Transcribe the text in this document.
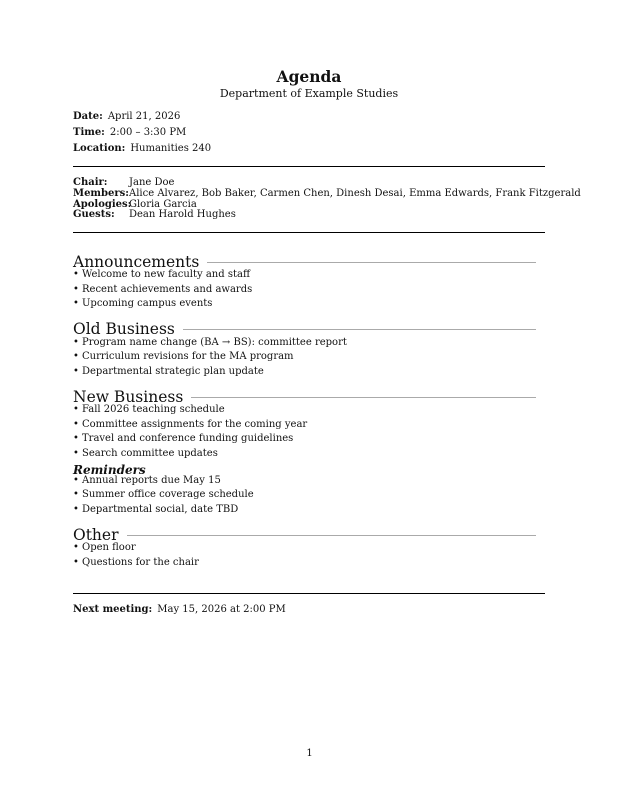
Agenda
Department of Example Studies
Date: April 21, 2026
Time: 2:00 – 3:30 PM
Location: Humanities 240
Chair: Jane Doe
Members: Alice Alvarez, Bob Baker, Carmen Chen, Dinesh Desai, Emma Edwards, Frank Fitzgerald
Apologies:
Gloria Garcia
Guests: Dean Harold Hughes
Announcements
• Welcome to new faculty and staff
• Recent achievements and awards
• Upcoming campus events
Old Business
• Program name change (BA → BS): committee report
• Curriculum revisions for the MA program
• Departmental strategic plan update
New Business
• Fall 2026 teaching schedule
• Committee assignments for the coming year
• Travel and conference funding guidelines
• Search committee updates
Reminders
• Annual reports due May 15
• Summer office coverage schedule
• Departmental social, date TBD
Other
• Open floor
• Questions for the chair
Next meeting: May 15, 2026 at 2:00 PM
1
